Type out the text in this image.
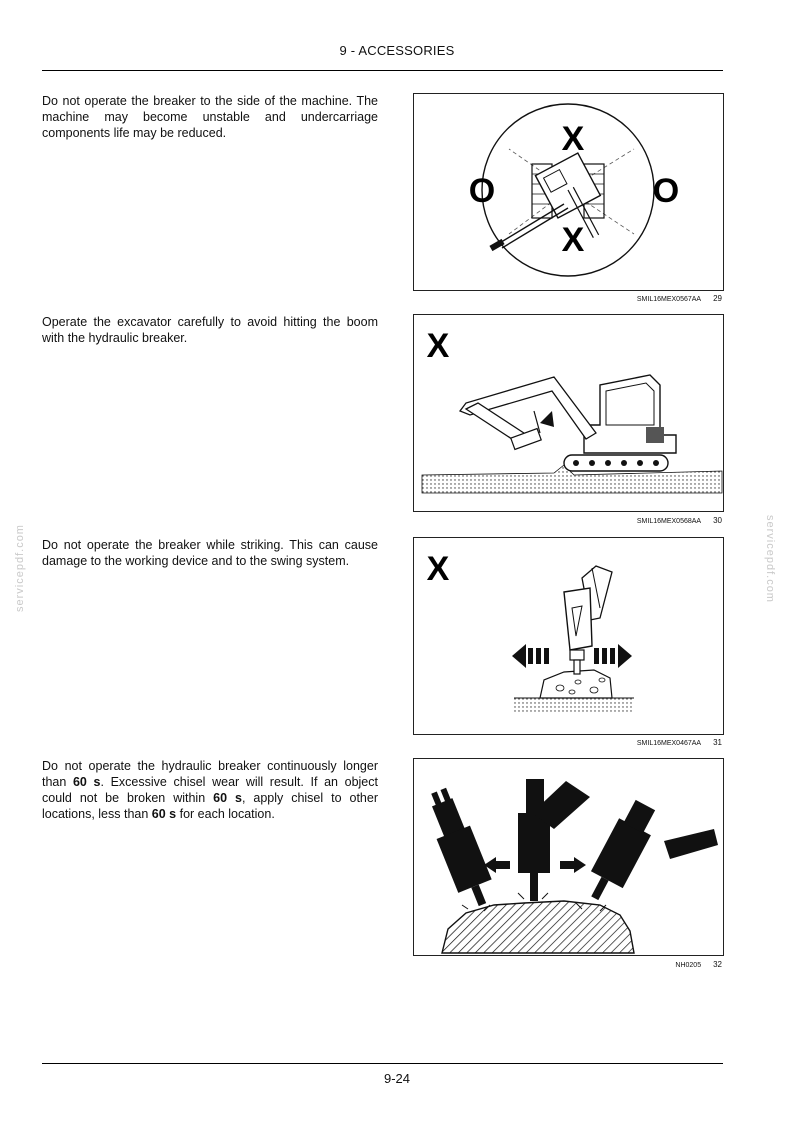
9 - ACCESSORIES
servicepdf.com	servicepdf.com
Do not operate the breaker to the side of the machine. The machine may become unstable and undercarriage components life may be reduced.	X
X
O	O
SMIL16MEX0567AA 29
Operate the excavator carefully to avoid hitting the boom with the hydraulic breaker.	X
SMIL16MEX0568AA 30
Do not operate the breaker while striking. This can cause damage to the working device and to the swing system.	X
SMIL16MEX0467AA 31
Do not operate the hydraulic breaker continuously longer than 60 s. Excessive chisel wear will result. If an object could not be broken within 60 s, apply chisel to other locations, less than 60 s for each location.
NH0205 32
9-24
